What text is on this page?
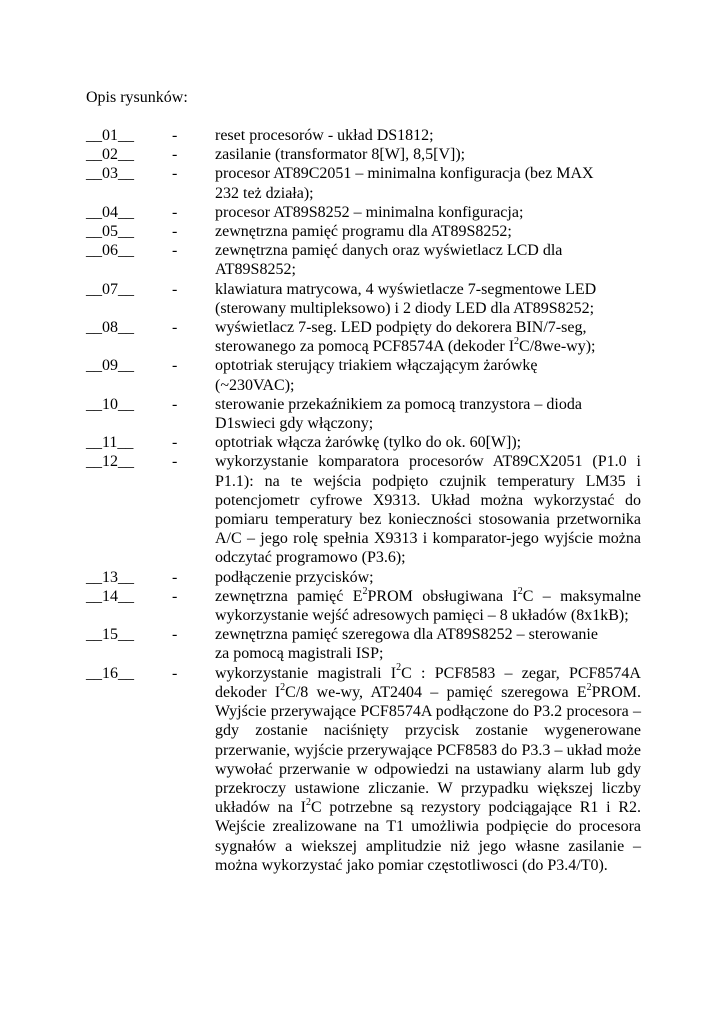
Opis rysunków:
__01__	-	reset procesorów - układ DS1812;
__02__	-	zasilanie (transformator 8[W], 8,5[V]);
__03__	-	procesor AT89C2051 – minimalna konfiguracja (bez MAX
232 też działa);
__04__	-	procesor AT89S8252 – minimalna konfiguracja;
__05__	-	zewnętrzna pamięć programu dla AT89S8252;
__06__	-	zewnętrzna pamięć danych oraz wyświetlacz LCD dla
AT89S8252;
__07__	-	klawiatura matrycowa, 4 wyświetlacze 7-segmentowe LED
(sterowany multipleksowo) i 2 diody LED dla AT89S8252;
__08__	-	wyświetlacz 7-seg. LED podpięty do dekorera BIN/7-seg,
sterowanego za pomocą PCF8574A (dekoder $I^2C/8we-wy$);
__09__	-	optotriak sterujący triakiem włączającym żarówkę
(~230VAC);
__10__	-	sterowanie przekaźnikiem za pomocą tranzystora – dioda
D1swieci gdy włączony;
__11__	-	optotriak włącza żarówkę (tylko do ok. 60[W]);
__12__	-	wykorzystanie komparatora procesorów AT89CX2051 (P1.0 i P1.1): na te wejścia podpięto czujnik temperatury LM35 i potencjometr cyfrowe X9313. Układ można wykorzystać do pomiaru temperatury bez konieczności stosowania przetwornika A/C – jego rolę spełnia X9313 i komparator-jego wyjście można odczytać programowo (P3.6);

__13__	-	podłączenie przycisków;
__14__	-	zewnętrzna pamięć $E^2PROM$ obsługiwana $I^2C$ – maksymalne wykorzystanie wejść adresowych pamięci – 8 układów (8x1kB);

__15__	-	zewnętrzna pamięć szeregowa dla AT89S8252 – sterowanie
za pomocą magistrali ISP;
__16__	-	wykorzystanie magistrali $I^2C$ : PCF8583 – zegar, PCF8574A dekoder $I^2C/8$ we-wy, AT2404 – pamięć szeregowa $E^2PROM$. Wyjście przerywające PCF8574A podłączone do P3.2 procesora – gdy zostanie naciśnięty przycisk zostanie wygenerowane przerwanie, wyjście przerywające PCF8583 do P3.3 – układ może wywołać przerwanie w odpowiedzi na ustawiany alarm lub gdy przekroczy ustawione zliczanie. W przypadku większej liczby układów na $I^2C$ potrzebne są rezystory podciągające R1 i R2. Wejście zrealizowane na T1 umożliwia podpięcie do procesora sygnałów a wiekszej amplitudzie niż jego własne zasilanie – można wykorzystać jako pomiar częstotliwosci (do P3.4/T0).
